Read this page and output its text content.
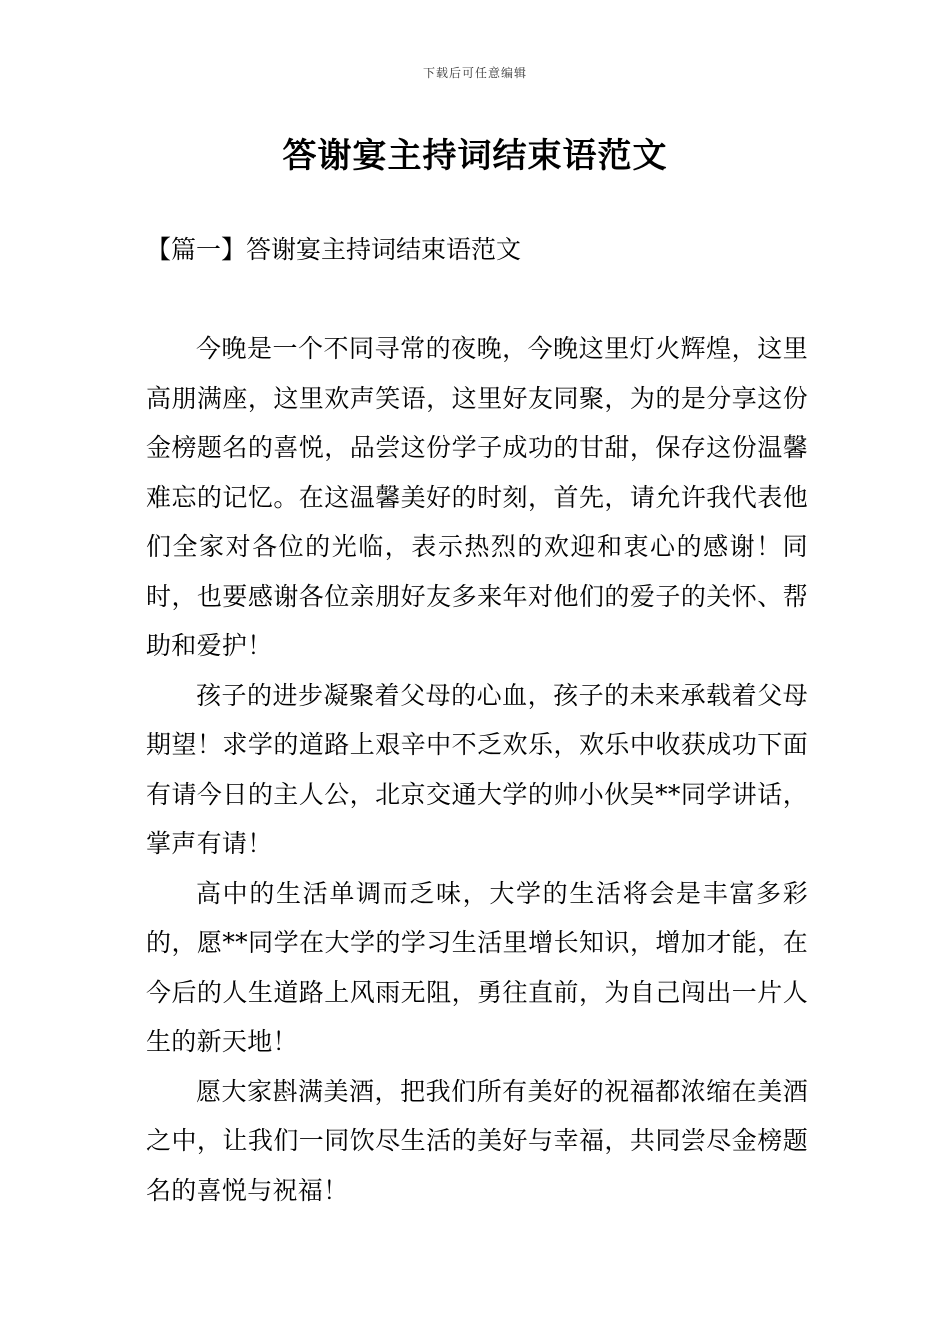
下载后可任意编辑
答谢宴主持词结束语范文
【篇一】答谢宴主持词结束语范文

今晚是一个不同寻常的夜晚，今晚这里灯火辉煌，这里高朋满座，这里欢声笑语，这里好友同聚，为的是分享这份金榜题名的喜悦，品尝这份学子成功的甘甜，保存这份温馨难忘的记忆。在这温馨美好的时刻，首先，请允许我代表他们全家对各位的光临，表示热烈的欢迎和衷心的感谢！同时，也要感谢各位亲朋好友多来年对他们的爱子的关怀、帮助和爱护！

孩子的进步凝聚着父母的心血，孩子的未来承载着父母期望！求学的道路上艰辛中不乏欢乐，欢乐中收获成功下面有请今日的主人公，北京交通大学的帅小伙吴**同学讲话，掌声有请！

高中的生活单调而乏味，大学的生活将会是丰富多彩的，愿**同学在大学的学习生活里增长知识，增加才能，在今后的人生道路上风雨无阻，勇往直前，为自己闯出一片人生的新天地！

愿大家斟满美酒，把我们所有美好的祝福都浓缩在美酒之中，让我们一同饮尽生活的美好与幸福，共同尝尽金榜题名的喜悦与祝福！
